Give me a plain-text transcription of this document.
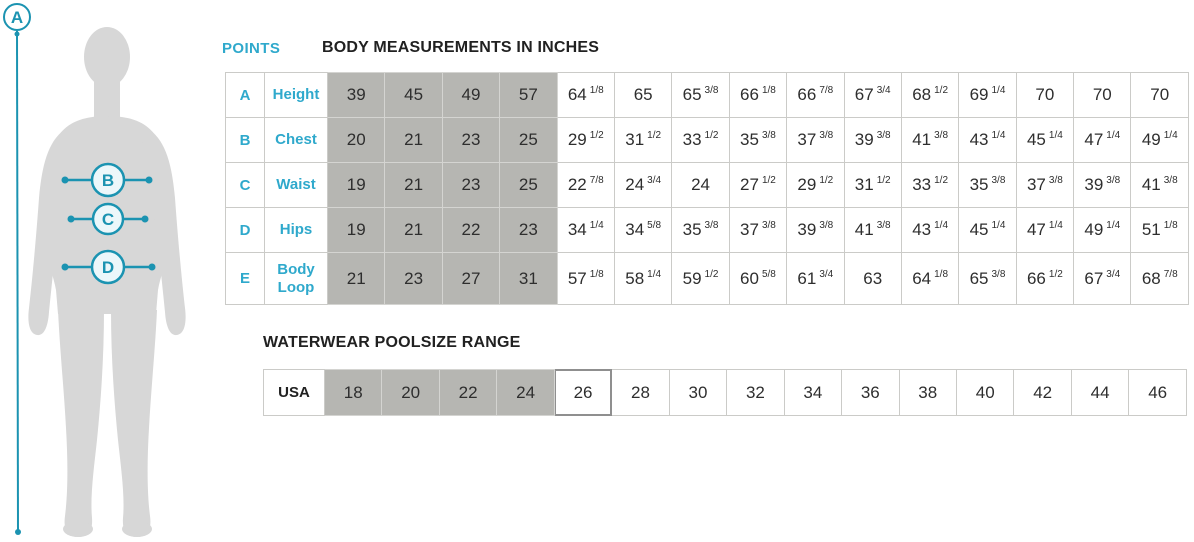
A
B
C
D
POINTS	BODY MEASUREMENTS IN INCHES
A	Height	39	45	49	57	64 $^{1/8}$	65	65 $^{3/8}$	66 $^{1/8}$	66 $^{7/8}$	67 $^{3/4}$	68 $^{1/2}$	69 $^{1/4}$	70	70	70
B	Chest	20	21	23	25	29 $^{1/2}$	31 $^{1/2}$	33 $^{1/2}$	35 $^{3/8}$	37 $^{3/8}$	39 $^{3/8}$	41 $^{3/8}$	43 $^{1/4}$	45 $^{1/4}$	47 $^{1/4}$	49 $^{1/4}$
C	Waist	19	21	23	25	22 $^{7/8}$	24 $^{3/4}$	24	27 $^{1/2}$	29 $^{1/2}$	31 $^{1/2}$	33 $^{1/2}$	35 $^{3/8}$	37 $^{3/8}$	39 $^{3/8}$	41 $^{3/8}$
D	Hips	19	21	22	23	34 $^{1/4}$	34 $^{5/8}$	35 $^{3/8}$	37 $^{3/8}$	39 $^{3/8}$	41 $^{3/8}$	43 $^{1/4}$	45 $^{1/4}$	47 $^{1/4}$	49 $^{1/4}$	51 $^{1/8}$
E	Body Loop	21	23	27	31	57 $^{1/8}$	58 $^{1/4}$	59 $^{1/2}$	60 $^{5/8}$	61 $^{3/4}$	63	64 $^{1/8}$	65 $^{3/8}$	66 $^{1/2}$	67 $^{3/4}$	68 $^{7/8}$
WATERWEAR POOLSIZE RANGE
USA	18	20	22	24	26	28	30	32	34	36	38	40	42	44	46
